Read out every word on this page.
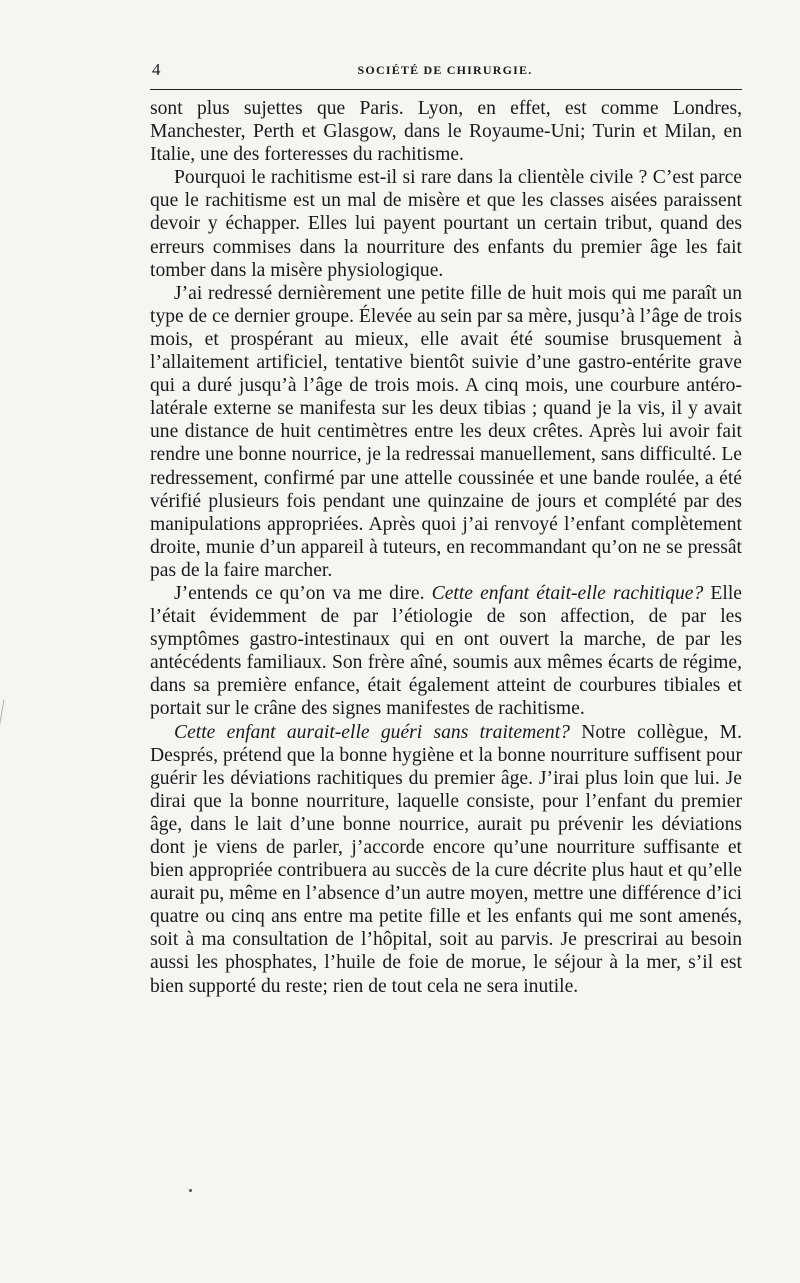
4	SOCIÉTÉ DE CHIRURGIE.

sont plus sujettes que Paris. Lyon, en effet, est comme Londres, Manchester, Perth et Glasgow, dans le Royaume-Uni; Turin et Milan, en Italie, une des forteresses du rachitisme.

Pourquoi le rachitisme est-il si rare dans la clientèle civile ? C’est parce que le rachitisme est un mal de misère et que les classes aisées paraissent devoir y échapper. Elles lui payent pourtant un certain tribut, quand des erreurs commises dans la nourriture des enfants du premier âge les fait tomber dans la misère physiologique.

J’ai redressé dernièrement une petite fille de huit mois qui me paraît un type de ce dernier groupe. Élevée au sein par sa mère, jusqu’à l’âge de trois mois, et prospérant au mieux, elle avait été soumise brusquement à l’allaitement artificiel, tentative bientôt suivie d’une gastro-entérite grave qui a duré jusqu’à l’âge de trois mois. A cinq mois, une courbure antéro-latérale externe se manifesta sur les deux tibias ; quand je la vis, il y avait une distance de huit centimètres entre les deux crêtes. Après lui avoir fait rendre une bonne nourrice, je la redressai manuellement, sans difficulté. Le redressement, confirmé par une attelle coussinée et une bande roulée, a été vérifié plusieurs fois pendant une quinzaine de jours et complété par des manipulations appropriées. Après quoi j’ai renvoyé l’enfant complètement droite, munie d’un appareil à tuteurs, en recommandant qu’on ne se pressât pas de la faire marcher.

J’entends ce qu’on va me dire. Cette enfant était-elle rachitique? Elle l’était évidemment de par l’étiologie de son affection, de par les symptômes gastro-intestinaux qui en ont ouvert la marche, de par les antécédents familiaux. Son frère aîné, soumis aux mêmes écarts de régime, dans sa première enfance, était également atteint de courbures tibiales et portait sur le crâne des signes manifestes de rachitisme.

Cette enfant aurait-elle guéri sans traitement? Notre collègue, M. Després, prétend que la bonne hygiène et la bonne nourriture suffisent pour guérir les déviations rachitiques du premier âge. J’irai plus loin que lui. Je dirai que la bonne nourriture, laquelle consiste, pour l’enfant du premier âge, dans le lait d’une bonne nourrice, aurait pu prévenir les déviations dont je viens de parler, j’accorde encore qu’une nourriture suffisante et bien appropriée contribuera au succès de la cure décrite plus haut et qu’elle aurait pu, même en l’absence d’un autre moyen, mettre une différence d’ici quatre ou cinq ans entre ma petite fille et les enfants qui me sont amenés, soit à ma consultation de l’hôpital, soit au parvis. Je prescrirai au besoin aussi les phosphates, l’huile de foie de morue, le séjour à la mer, s’il est bien supporté du reste; rien de tout cela ne sera inutile.
